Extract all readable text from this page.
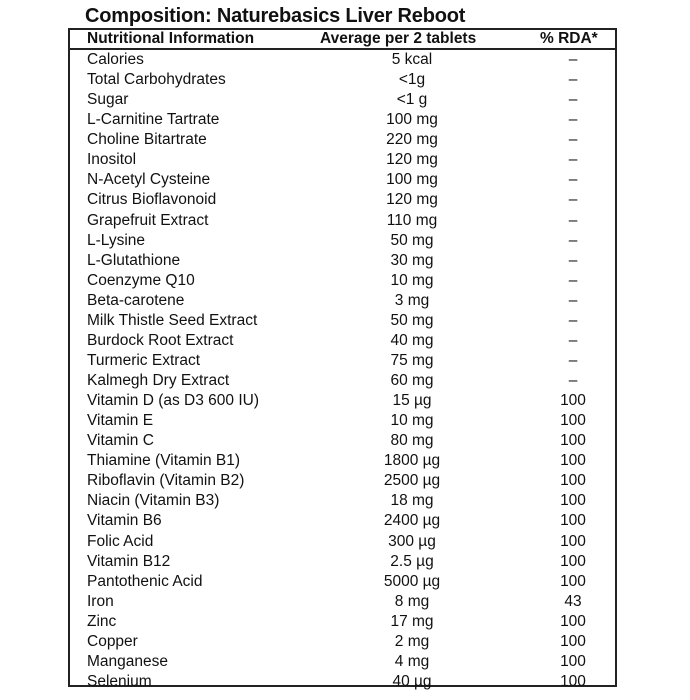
Composition: Naturebasics Liver Reboot
Nutritional Information	Average per 2 tablets	% RDA*
Calories	5 kcal	–
Total Carbohydrates	<1g	–
Sugar	<1 g	–
L-Carnitine Tartrate	100 mg	–
Choline Bitartrate	220 mg	–
Inositol	120 mg	–
N-Acetyl Cysteine	100 mg	–
Citrus Bioflavonoid	120 mg	–
Grapefruit Extract	110 mg	–
L-Lysine	50 mg	–
L-Glutathione	30 mg	–
Coenzyme Q10	10 mg	–
Beta-carotene	3 mg	–
Milk Thistle Seed Extract	50 mg	–
Burdock Root Extract	40 mg	–
Turmeric Extract	75 mg	–
Kalmegh Dry Extract	60 mg	–
Vitamin D (as D3 600 IU)	15 µg	100
Vitamin E	10 mg	100
Vitamin C	80 mg	100
Thiamine (Vitamin B1)	1800 µg	100
Riboflavin (Vitamin B2)	2500 µg	100
Niacin (Vitamin B3)	18 mg	100
Vitamin B6	2400 µg	100
Folic Acid	300 µg	100
Vitamin B12	2.5 µg	100
Pantothenic Acid	5000 µg	100
Iron	8 mg	43
Zinc	17 mg	100
Copper	2 mg	100
Manganese	4 mg	100
Selenium	40 µg	100
